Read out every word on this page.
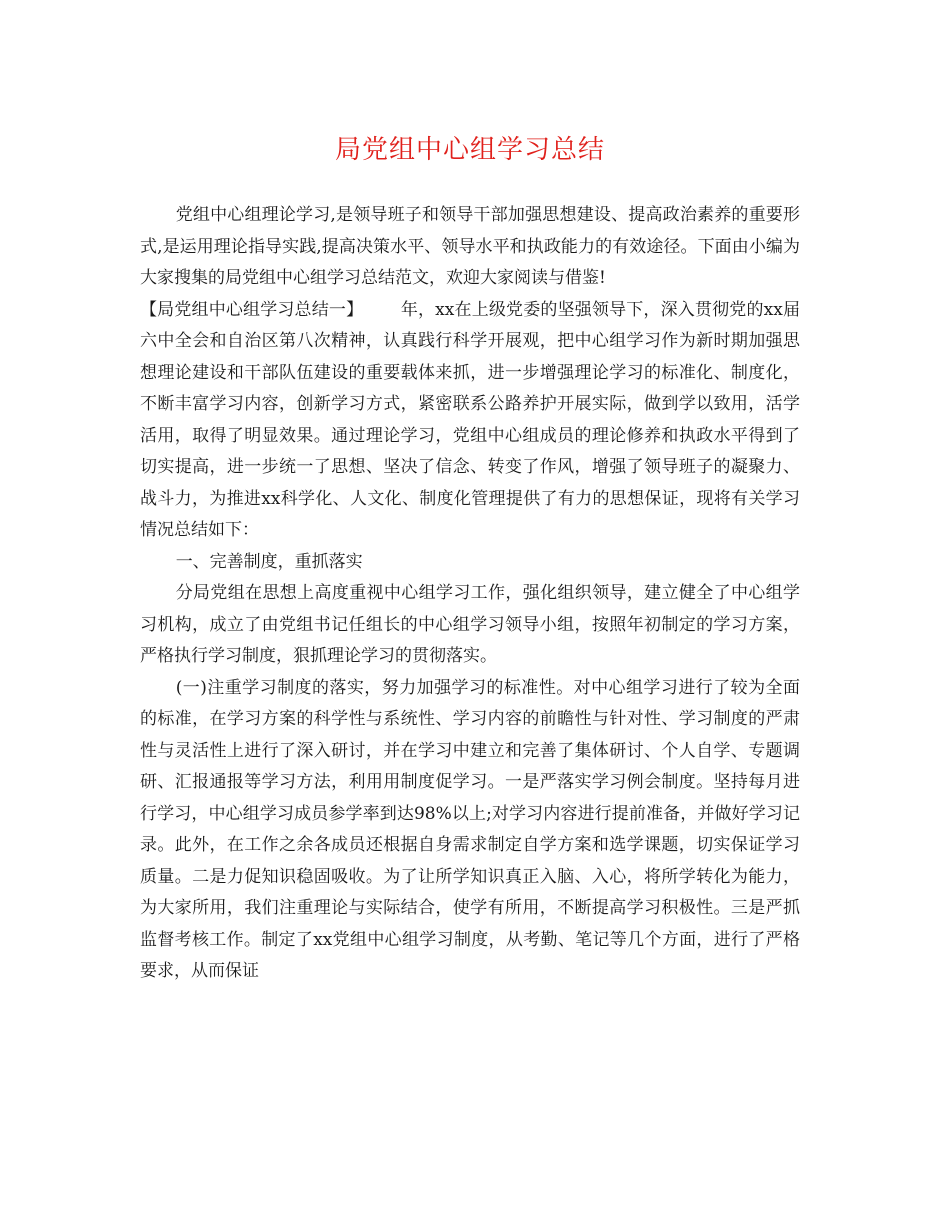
局党组中心组学习总结

党组中心组理论学习,是领导班子和领导干部加强思想建设、提高政治素养的重要形式,是运用理论指导实践,提高决策水平、领导水平和执政能力的有效途径。下面由小编为大家搜集的局党组中心组学习总结范文，欢迎大家阅读与借鉴!

【局党组中心组学习总结一】 年，xx在上级党委的坚强领导下，深入贯彻党的xx届六中全会和自治区第八次精神，认真践行科学开展观，把中心组学习作为新时期加强思想理论建设和干部队伍建设的重要载体来抓，进一步增强理论学习的标准化、制度化，不断丰富学习内容，创新学习方式，紧密联系公路养护开展实际，做到学以致用，活学活用，取得了明显效果。通过理论学习，党组中心组成员的理论修养和执政水平得到了切实提高，进一步统一了思想、坚决了信念、转变了作风，增强了领导班子的凝聚力、战斗力，为推进xx科学化、人文化、制度化管理提供了有力的思想保证，现将有关学习情况总结如下：

一、完善制度，重抓落实

分局党组在思想上高度重视中心组学习工作，强化组织领导，建立健全了中心组学习机构，成立了由党组书记任组长的中心组学习领导小组，按照年初制定的学习方案，严格执行学习制度，狠抓理论学习的贯彻落实。

(一)注重学习制度的落实，努力加强学习的标准性。对中心组学习进行了较为全面的标准，在学习方案的科学性与系统性、学习内容的前瞻性与针对性、学习制度的严肃性与灵活性上进行了深入研讨，并在学习中建立和完善了集体研讨、个人自学、专题调研、汇报通报等学习方法，利用用制度促学习。一是严落实学习例会制度。坚持每月进行学习，中心组学习成员参学率到达98%以上;对学习内容进行提前准备，并做好学习记录。此外，在工作之余各成员还根据自身需求制定自学方案和选学课题，切实保证学习质量。二是力促知识稳固吸收。为了让所学知识真正入脑、入心，将所学转化为能力，为大家所用，我们注重理论与实际结合，使学有所用，不断提高学习积极性。三是严抓监督考核工作。制定了xx党组中心组学习制度，从考勤、笔记等几个方面，进行了严格要求，从而保证
